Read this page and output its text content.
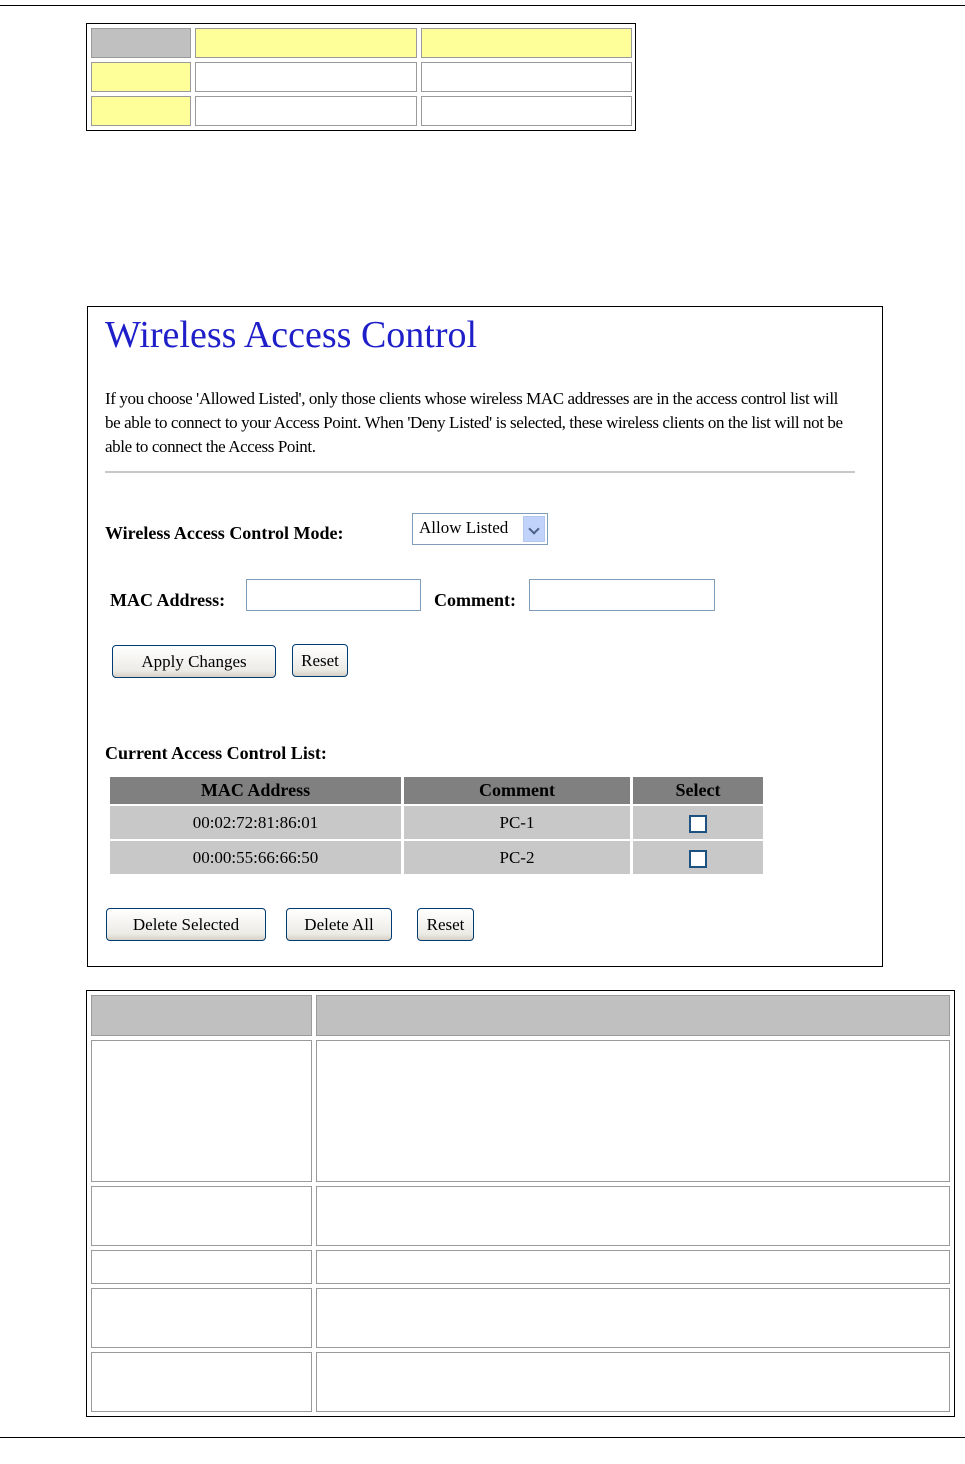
Wireless Access Control
If you choose 'Allowed Listed', only those clients whose wireless MAC addresses are in the access control list will be able to connect to your Access Point. When 'Deny Listed' is selected, these wireless clients on the list will not be able to connect the Access Point.
Wireless Access Control Mode:	Allow Listed
MAC Address:	Comment:
Apply Changes	Reset
Current Access Control List:
MAC Address	Comment	Select
00:02:72:81:86:01	PC-1	
00:00:55:66:66:50	PC-2	
Delete Selected	Delete All	Reset
